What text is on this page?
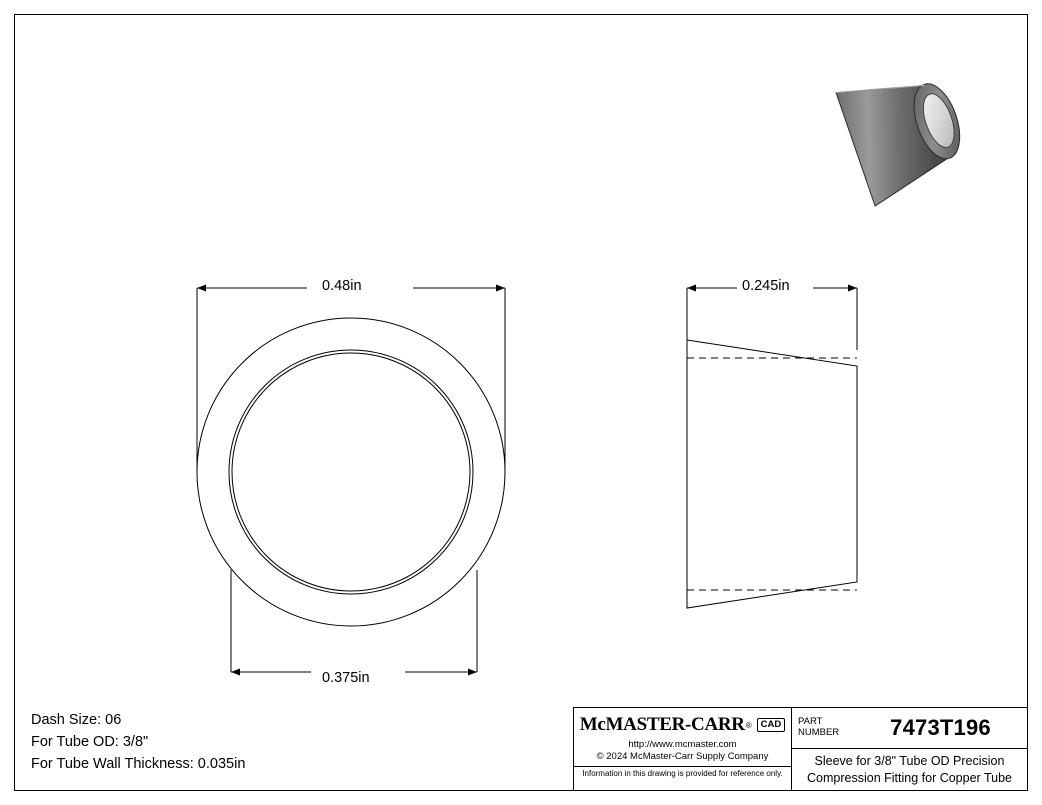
0.48in
0.375in
0.245in
Dash Size: 06
For Tube OD: 3/8"
For Tube Wall Thickness: 0.035in
McMASTER-CARR ® CAD
http://www.mcmaster.com
© 2024 McMaster-Carr Supply Company
Information in this drawing is provided for reference only.
PART
NUMBER	7473T196
Sleeve for 3/8" Tube OD Precision
Compression Fitting for Copper Tube
